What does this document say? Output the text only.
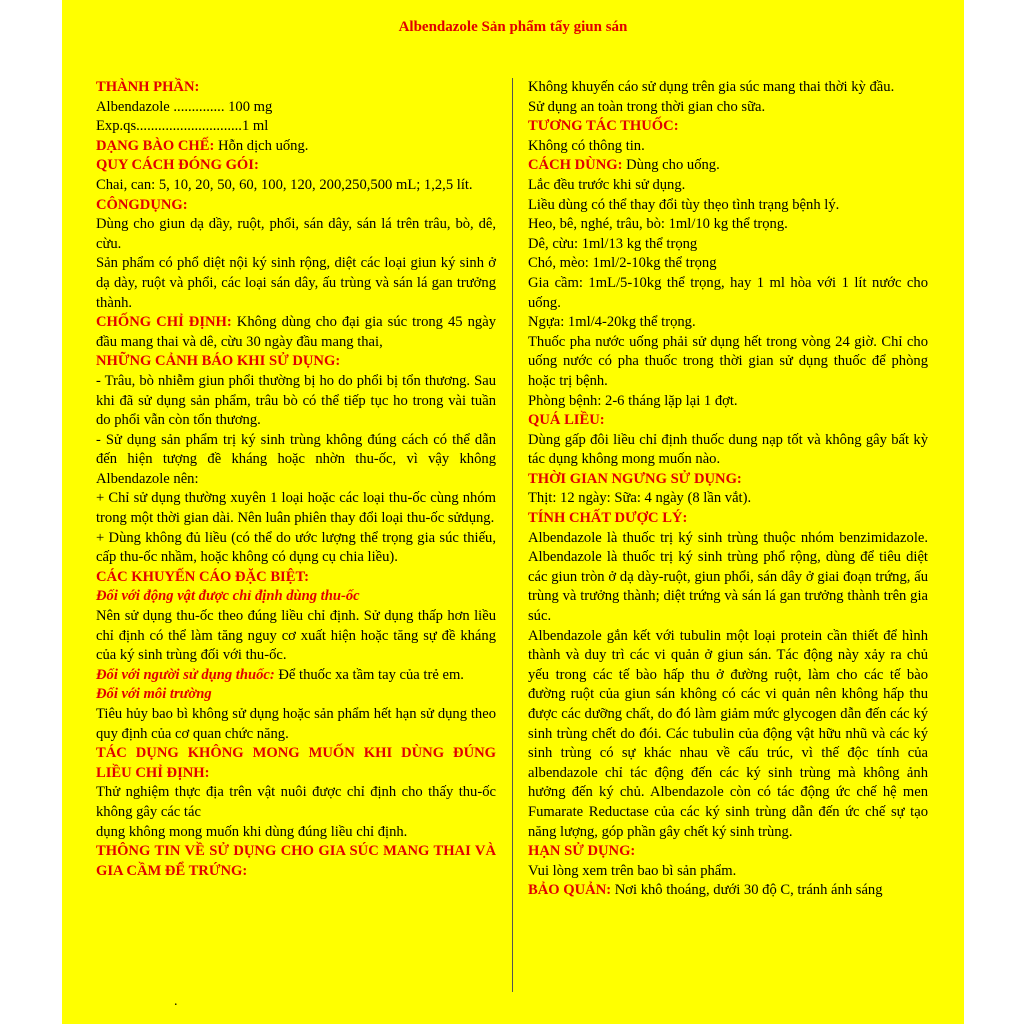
Albendazole Sản phẩm tẩy giun sán

THÀNH PHẦN:

Albendazole .............. 100 mg

Exp.qs.............................1 ml

DẠNG BÀO CHẾ: Hỗn dịch uống.

QUY CÁCH ĐÓNG GÓI:

Chai, can: 5, 10, 20, 50, 60, 100, 120, 200,250,500 mL; 1,2,5 lít.

CÔNGDỤNG:

Dùng cho giun dạ dầy, ruột, phổi, sán dây, sán lá trên trâu, bò, dê, cừu.

Sản phẩm có phổ diệt nội ký sinh rộng, diệt các loại giun ký sinh ở dạ dày, ruột và phổi, các loại sán dây, ấu trùng và sán lá gan trưởng thành.

CHỐNG CHỈ ĐỊNH: Không dùng cho đại gia súc trong 45 ngày đầu mang thai và dê, cừu 30 ngày đầu mang thai,

NHỮNG CẢNH BÁO KHI SỬ DỤNG:

- Trâu, bò nhiễm giun phổi thường bị ho do phổi bị tổn thương. Sau khi đã sử dụng sản phẩm, trâu bò có thể tiếp tục ho trong vài tuần do phổi vẫn còn tổn thương.

- Sử dụng sản phẩm trị ký sinh trùng không đúng cách có thể dẫn đến hiện tượng đề kháng hoặc nhờn thu-ốc, vì vậy không Albendazole nên:

+ Chỉ sử dụng thường xuyên 1 loại hoặc các loại thu-ốc cùng nhóm trong một thời gian dài. Nên luân phiên thay đổi loại thu-ốc sửdụng.

+ Dùng không đủ liều (có thể do ước lượng thể trọng gia súc thiếu, cấp thu-ốc nhầm, hoặc không có dụng cụ chia liều).

CÁC KHUYẾN CÁO ĐẶC BIỆT:

Đối với động vật được chỉ định dùng thu-ốc

Nên sử dụng thu-ốc theo đúng liều chỉ định. Sử dụng thấp hơn liều chỉ định có thể làm tăng nguy cơ xuất hiện hoặc tăng sự đề kháng của ký sinh trùng đối với thu-ốc.

Đối với người sử dụng thuốc: Để thuốc xa tầm tay của trẻ em.

Đối với môi trường

Tiêu hủy bao bì không sử dụng hoặc sản phẩm hết hạn sử dụng theo quy định của cơ quan chức năng.

TÁC DỤNG KHÔNG MONG MUỐN KHI DÙNG ĐÚNG LIỀU CHỈ ĐỊNH:

Thử nghiệm thực địa trên vật nuôi được chỉ định cho thấy thu-ốc không gây các tác

dụng không mong muốn khi dùng đúng liều chỉ định.

THÔNG TIN VỀ SỬ DỤNG CHO GIA SÚC MANG THAI VÀ GIA CẦM ĐỂ TRỨNG:

Không khuyến cáo sử dụng trên gia súc mang thai thời kỳ đầu.

Sử dụng an toàn trong thời gian cho sữa.

TƯƠNG TÁC THUỐC:

Không có thông tin.

CÁCH DÙNG: Dùng cho uống.

Lắc đều trước khi sử dụng.

Liều dùng có thể thay đổi tùy thẹo tình trạng bệnh lý.

Heo, bê, nghé, trâu, bò: 1ml/10 kg thể trọng.

Dê, cừu: 1ml/13 kg thể trọng

Chó, mèo: 1ml/2-10kg thể trọng

Gia cầm: 1mL/5-10kg thể trọng, hay 1 ml hòa với 1 lít nước cho uống.

Ngựa: 1ml/4-20kg thể trọng.

Thuốc pha nước uống phải sử dụng hết trong vòng 24 giờ. Chỉ cho uống nước có pha thuốc trong thời gian sử dụng thuốc để phòng hoặc trị bệnh.

Phòng bệnh: 2-6 tháng lặp lại 1 đợt.

QUÁ LIỀU:

Dùng gấp đôi liều chỉ định thuốc dung nạp tốt và không gây bất kỳ tác dụng không mong muốn nào.

THỜI GIAN NGƯNG SỬ DỤNG:

Thịt: 12 ngày: Sữa: 4 ngày (8 lần vắt).

TÍNH CHẤT DƯỢC LÝ:

Albendazole là thuốc trị ký sinh trùng thuộc nhóm benzimidazole. Albendazole là thuốc trị ký sinh trùng phổ rộng, dùng để tiêu diệt các giun tròn ở dạ dày-ruột, giun phổi, sán dây ở giai đoạn trứng, ấu trùng và trưởng thành; diệt trứng và sán lá gan trưởng thành trên gia súc.

Albendazole gắn kết với tubulin một loại protein cần thiết để hình thành và duy trì các vi quản ở giun sán. Tác động này xảy ra chủ yếu trong các tế bào hấp thu ở đường ruột, làm cho các tế bào đường ruột của giun sán không có các vi quản nên không hấp thu được các dưỡng chất, do đó làm giảm mức glycogen dẫn đến các ký sinh trùng chết do đói. Các tubulin của động vật hữu nhũ và các ký sinh trùng có sự khác nhau về cấu trúc, vì thế độc tính của albendazole chỉ tác động đến các ký sinh trùng mà không ảnh hưởng đến ký chủ. Albendazole còn có tác động ức chế hệ men Fumarate Reductase của các ký sinh trùng dẫn đến ức chế sự tạo năng lượng, góp phần gây chết ký sinh trùng.

HẠN SỬ DỤNG:

Vui lòng xem trên bao bì sản phẩm.

BẢO QUẢN: Nơi khô thoáng, dưới 30 độ C, tránh ánh sáng

.
